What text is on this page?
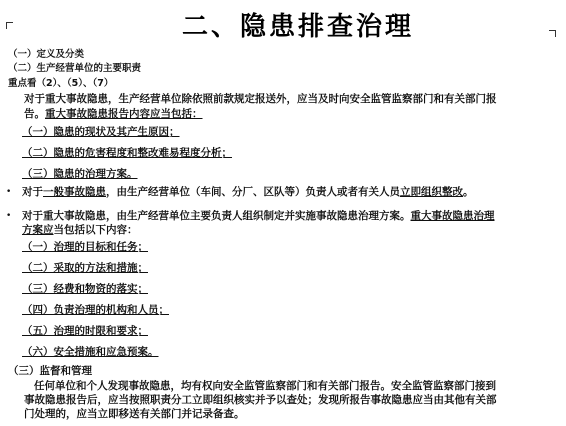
二、隐患排查治理
（一）定义及分类
（二）生产经营单位的主要职责
重点看（2）、（5）、（7）
对于重大事故隐患，生产经营单位除依照前款规定报送外，应当及时向安全监管监察部门和有关部门报
告。重大事故隐患报告内容应当包括：
（一）隐患的现状及其产生原因；
（二）隐患的危害程度和整改难易程度分析；
（三）隐患的治理方案。
• 对于一般事故隐患，由生产经营单位（车间、分厂、区队等）负责人或者有关人员立即组织整改。
• 对于重大事故隐患，由生产经营单位主要负责人组织制定并实施事故隐患治理方案。重大事故隐患治理
方案应当包括以下内容：
（一）治理的目标和任务；
（二）采取的方法和措施；
（三）经费和物资的落实；
（四）负责治理的机构和人员；
（五）治理的时限和要求；
（六）安全措施和应急预案。
（三）监督和管理
任何单位和个人发现事故隐患，均有权向安全监管监察部门和有关部门报告。安全监管监察部门接到
事故隐患报告后，应当按照职责分工立即组织核实并予以查处；发现所报告事故隐患应当由其他有关部
门处理的，应当立即移送有关部门并记录备查。
